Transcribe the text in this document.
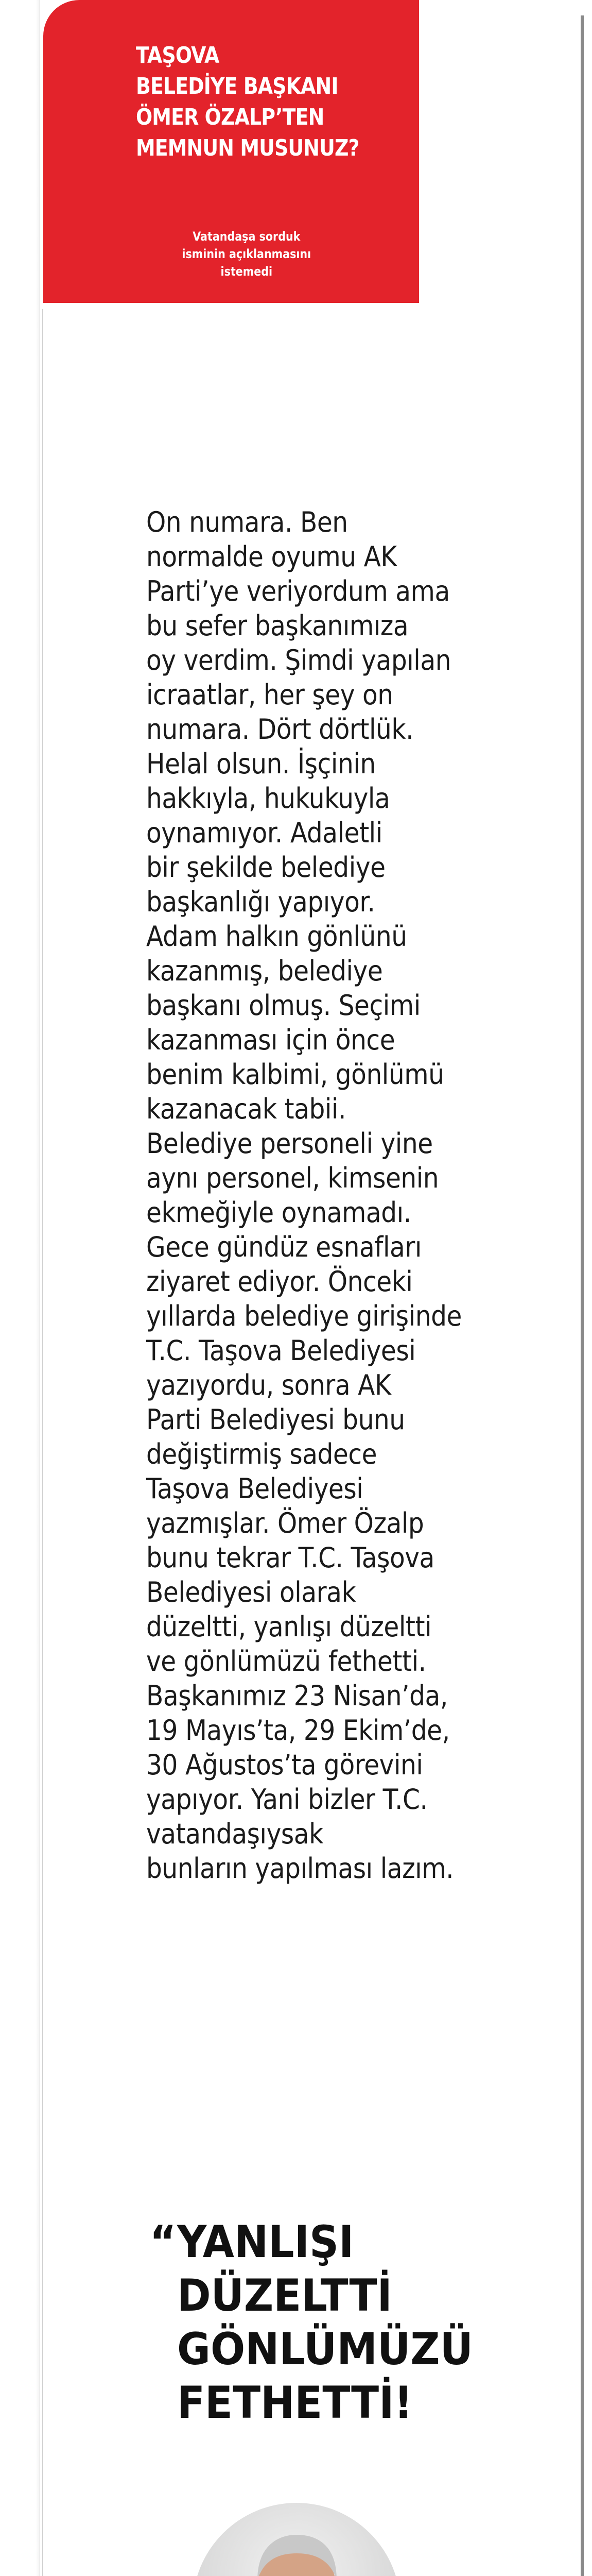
TAŞOVA
BELEDİYE BAŞKANI
ÖMER ÖZALP’TEN
MEMNUN MUSUNUZ?
Vatandaşa sorduk
isminin açıklanmasını istemedi
On numara. Ben
normalde oyumu AK
Parti’ye veriyordum ama
bu sefer başkanımıza
oy verdim. Şimdi yapılan
icraatlar, her şey on
numara. Dört dörtlük.
Helal olsun. İşçinin
hakkıyla, hukukuyla
oynamıyor. Adaletli
bir şekilde belediye
başkanlığı yapıyor.
Adam halkın gönlünü
kazanmış, belediye
başkanı olmuş. Seçimi
kazanması için önce
benim kalbimi, gönlümü
kazanacak tabii.
Belediye personeli yine
aynı personel, kimsenin
ekmeğiyle oynamadı.
Gece gündüz esnafları
ziyaret ediyor. Önceki
yıllarda belediye girişinde
T.C. Taşova Belediyesi
yazıyordu, sonra AK
Parti Belediyesi bunu
değiştirmiş sadece
Taşova Belediyesi
yazmışlar. Ömer Özalp
bunu tekrar T.C. Taşova
Belediyesi olarak
düzeltti, yanlışı düzeltti
ve gönlümüzü fethetti.
Başkanımız 23 Nisan’da,
19 Mayıs’ta, 29 Ekim’de,
30 Ağustos’ta görevini
yapıyor. Yani bizler T.C.
vatandaşıysak
bunların yapılması lazım.
“ YANLIŞI
DÜZELTTİ
GÖNLÜMÜZÜ
FETHETTİ!
